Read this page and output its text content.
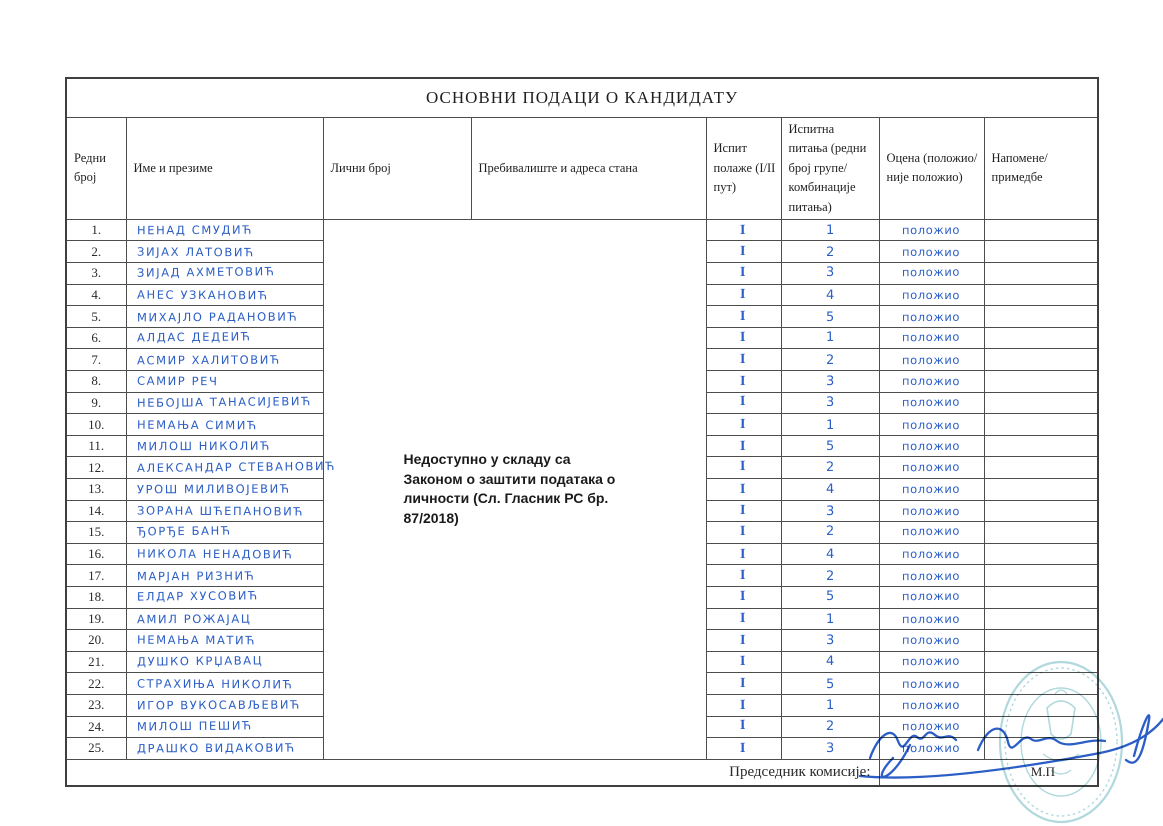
ОСНОВНИ ПОДАЦИ О КАНДИДАТУ							
Редни број	Име и презиме	Лични број	Пребивалиште и адреса стана	Испит полаже (I/II пут)	Испитна питања (редни број групе/ комбинације питања)	Оцена (положио/ није положио)	Напомене/ примедбе
1.	НЕНАД СМУДИЋ	Недоступно у складу са Законом о заштити података о личности (Сл. Гласник РС бр. 87/2018)		I	1	положио	
2.	ЗИЈАХ ЛАТОВИЋ			I	2	положио	
3.	ЗИЈАД АХМЕТОВИЋ			I	3	положио	
4.	АНЕС УЗКАНОВИЋ			I	4	положио	
5.	МИХАЈЛО РАДАНОВИЋ			I	5	положио	
6.	АЛДАС ДЕДЕИЋ			I	1	положио	
7.	АСМИР ХАЛИТОВИЋ			I	2	положио	
8.	САМИР РЕЧ			I	3	положио	
9.	НЕБОЈША ТАНАСИЈЕВИЋ			I	3	положио	
10.	НЕМАЊА СИМИЋ			I	1	положио	
11.	МИЛОШ НИКОЛИЋ			I	5	положио	
12.	АЛЕКСАНДАР СТЕВАНОВИЋ			I	2	положио	
13.	УРОШ МИЛИВОЈЕВИЋ			I	4	положио	
14.	ЗОРАНА ШЋЕПАНОВИЋ			I	3	положио	
15.	ЂОРЂЕ БАНЋ			I	2	положио	
16.	НИКОЛА НЕНАДОВИЋ			I	4	положио	
17.	МАРЈАН РИЗНИЋ			I	2	положио	
18.	ЕЛДАР ХУСОВИЋ			I	5	положио	
19.	АМИЛ РОЖАЈАЦ			I	1	положио	
20.	НЕМАЊА МАТИЋ			I	3	положио	
21.	ДУШКО КРЏАВАЦ			I	4	положио	
22.	СТРАХИЊА НИКОЛИЋ			I	5	положио	
23.	ИГОР ВУКОСАВЉЕВИЋ			I	1	положио	
24.	МИЛОШ ПЕШИЋ			I	2	положио	
25.	ДРАШКО ВИДАКОВИЋ			I	3	положио	
Председник комисије:						М.П	
